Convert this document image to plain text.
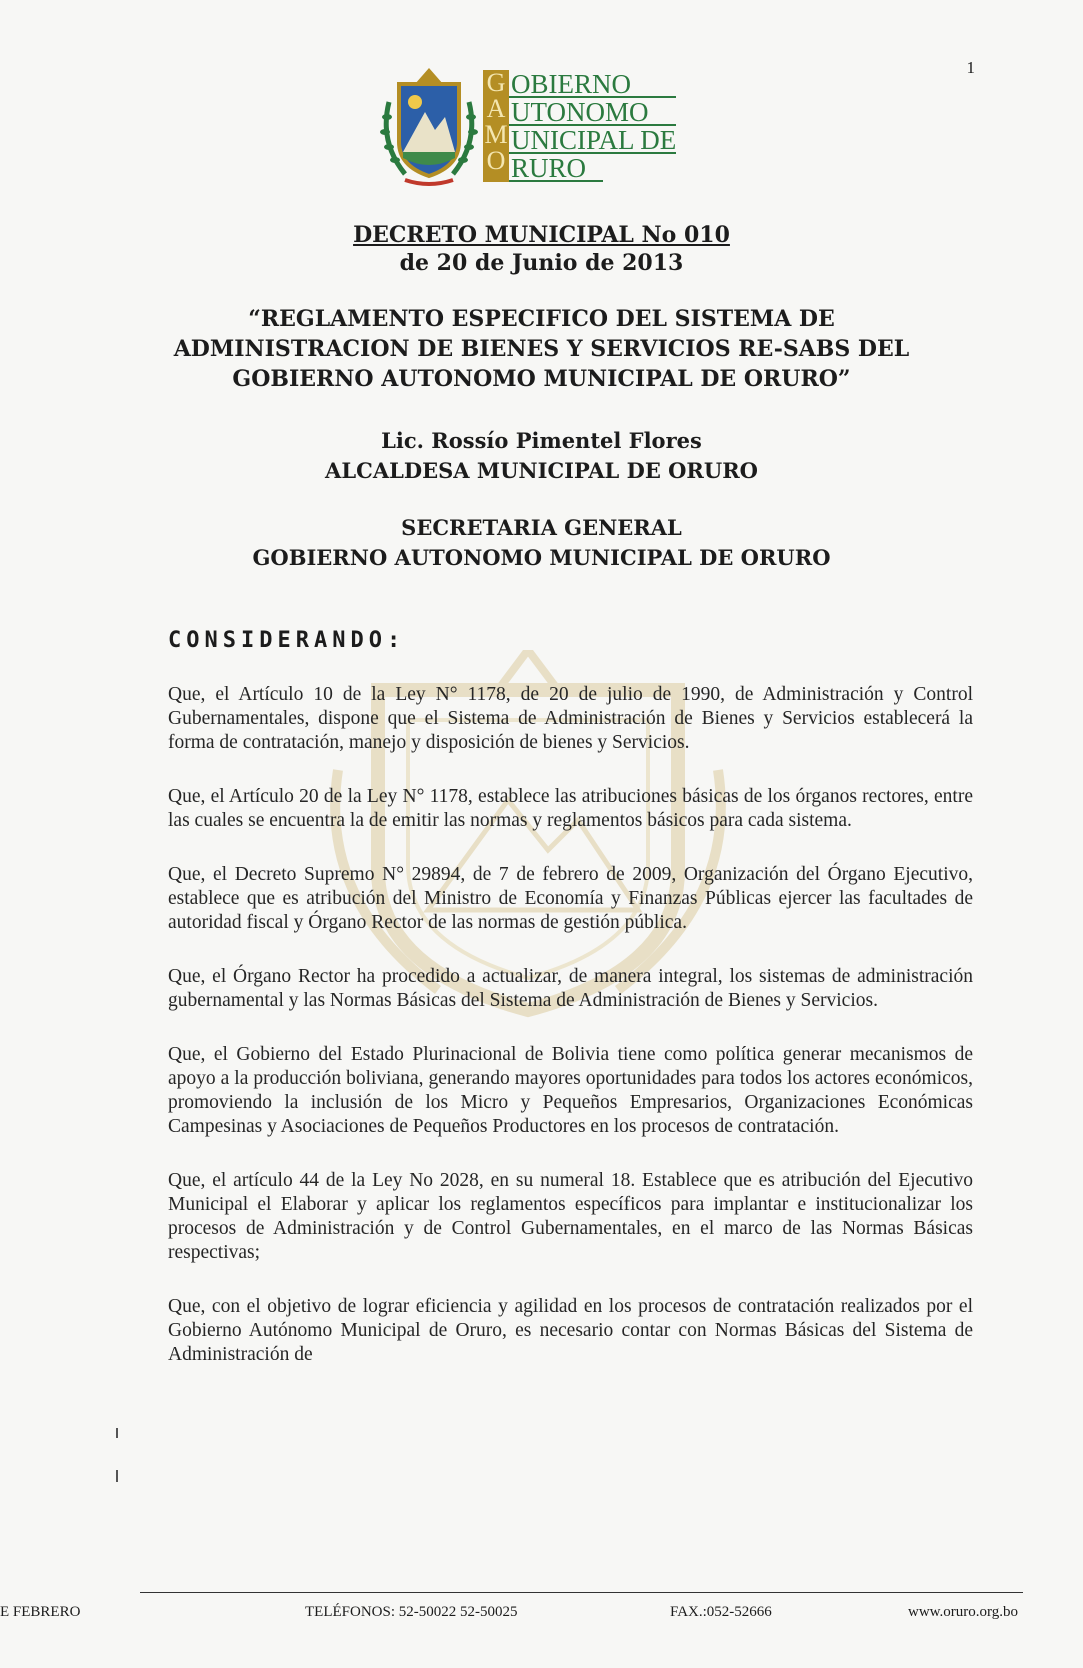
1
G
A
M
O
OBIERNO
UTONOMO
UNICIPAL DE
RURO
DECRETO MUNICIPAL No 010
de 20 de Junio de 2013
“REGLAMENTO ESPECIFICO DEL SISTEMA DE
ADMINISTRACION DE BIENES Y SERVICIOS RE-SABS DEL
GOBIERNO AUTONOMO MUNICIPAL DE ORURO”
Lic. Rossío Pimentel Flores
ALCALDESA MUNICIPAL DE ORURO
SECRETARIA GENERAL
GOBIERNO AUTONOMO MUNICIPAL DE ORURO
CONSIDERANDO:

Que, el Artículo 10 de la Ley N° 1178, de 20 de julio de 1990, de Administración y Control Gubernamentales, dispone que el Sistema de Administración de Bienes y Servicios establecerá la forma de contratación, manejo y disposición de bienes y Servicios.

Que, el Artículo 20 de la Ley N° 1178, establece las atribuciones básicas de los órganos rectores, entre las cuales se encuentra la de emitir las normas y reglamentos básicos para cada sistema.

Que, el Decreto Supremo N° 29894, de 7 de febrero de 2009, Organización del Órgano Ejecutivo, establece que es atribución del Ministro de Economía y Finanzas Públicas ejercer las facultades de autoridad fiscal y Órgano Rector de las normas de gestión pública.

Que, el Órgano Rector ha procedido a actualizar, de manera integral, los sistemas de administración gubernamental y las Normas Básicas del Sistema de Administración de Bienes y Servicios.

Que, el Gobierno del Estado Plurinacional de Bolivia tiene como política generar mecanismos de apoyo a la producción boliviana, generando mayores oportunidades para todos los actores económicos, promoviendo la inclusión de los Micro y Pequeños Empresarios, Organizaciones Económicas Campesinas y Asociaciones de Pequeños Productores en los procesos de contratación.

Que, el artículo 44 de la Ley No 2028, en su numeral 18. Establece que es atribución del Ejecutivo Municipal el Elaborar y aplicar los reglamentos específicos para implantar e institucionalizar los procesos de Administración y de Control Gubernamentales, en el marco de las Normas Básicas respectivas;

Que, con el objetivo de lograr eficiencia y agilidad en los procesos de contratación realizados por el Gobierno Autónomo Municipal de Oruro, es necesario contar con Normas Básicas del Sistema de Administración de

E FEBRERO	TELÉFONOS: 52-50022 52-50025	FAX.:052-52666	www.oruro.org.bo
